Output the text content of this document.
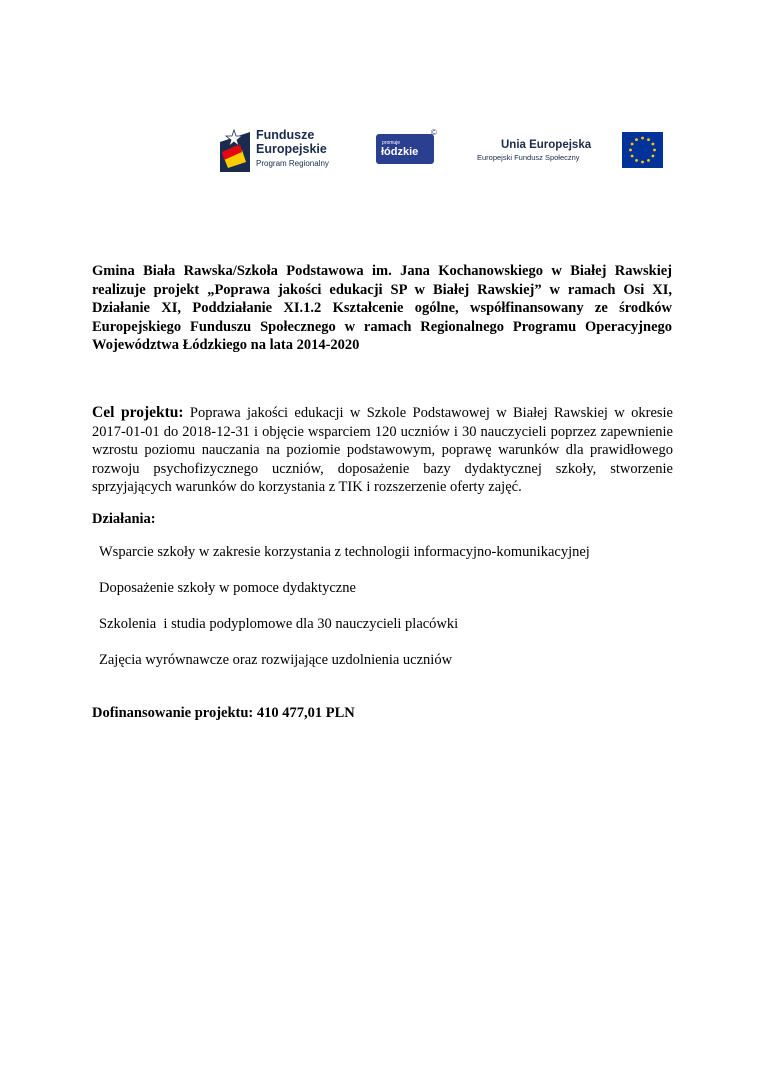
Fundusze
Europejskie
Program Regionalny
promuje
łódzkie
©
Unia Europejska
Europejski Fundusz Społeczny
Gmina Biała Rawska/Szkoła Podstawowa im. Jana Kochanowskiego w Białej Rawskiej realizuje projekt „Poprawa jakości edukacji SP w Białej Rawskiej” w ramach Osi XI, Działanie XI, Poddziałanie XI.1.2 Kształcenie ogólne, współfinansowany ze środków Europejskiego Funduszu Społecznego w ramach Regionalnego Programu Operacyjnego Województwa Łódzkiego na lata 2014-2020
Cel projektu: Poprawa jakości edukacji w Szkole Podstawowej w Białej Rawskiej w okresie 2017-01-01 do 2018-12-31 i objęcie wsparciem 120 uczniów i 30 nauczycieli poprzez zapewnienie wzrostu poziomu nauczania na poziomie podstawowym, poprawę warunków dla prawidłowego rozwoju psychofizycznego uczniów, doposażenie bazy dydaktycznej szkoły, stworzenie sprzyjających warunków do korzystania z TIK i rozszerzenie oferty zajęć.
Działania:
Wsparcie szkoły w zakresie korzystania z technologii informacyjno-komunikacyjnej
Doposażenie szkoły w pomoce dydaktyczne
Szkolenia  i studia podyplomowe dla 30 nauczycieli placówki
Zajęcia wyrównawcze oraz rozwijające uzdolnienia uczniów
Dofinansowanie projektu: 410 477,01 PLN
